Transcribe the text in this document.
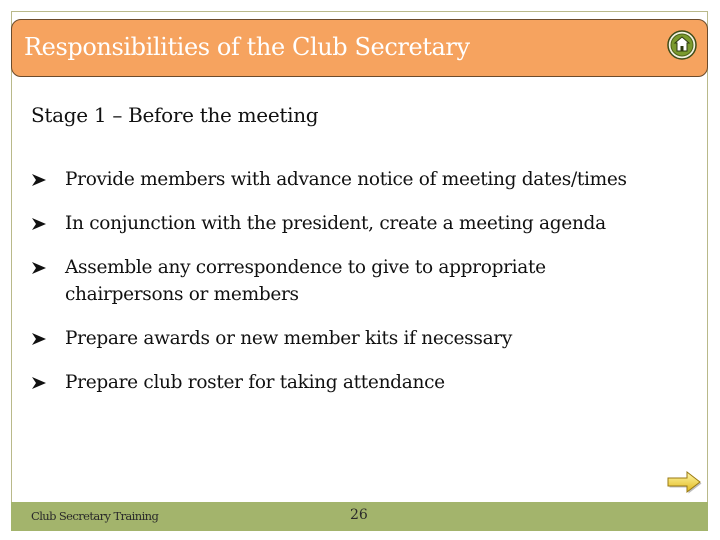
Responsibilities of the Club Secretary
Stage 1 – Before the meeting
Provide members with advance notice of meeting dates/times
In conjunction with the president, create a meeting agenda
Assemble any correspondence to give to appropriate chairpersons or members
Prepare awards or new member kits if necessary
Prepare club roster for taking attendance
Club Secretary Training	26
